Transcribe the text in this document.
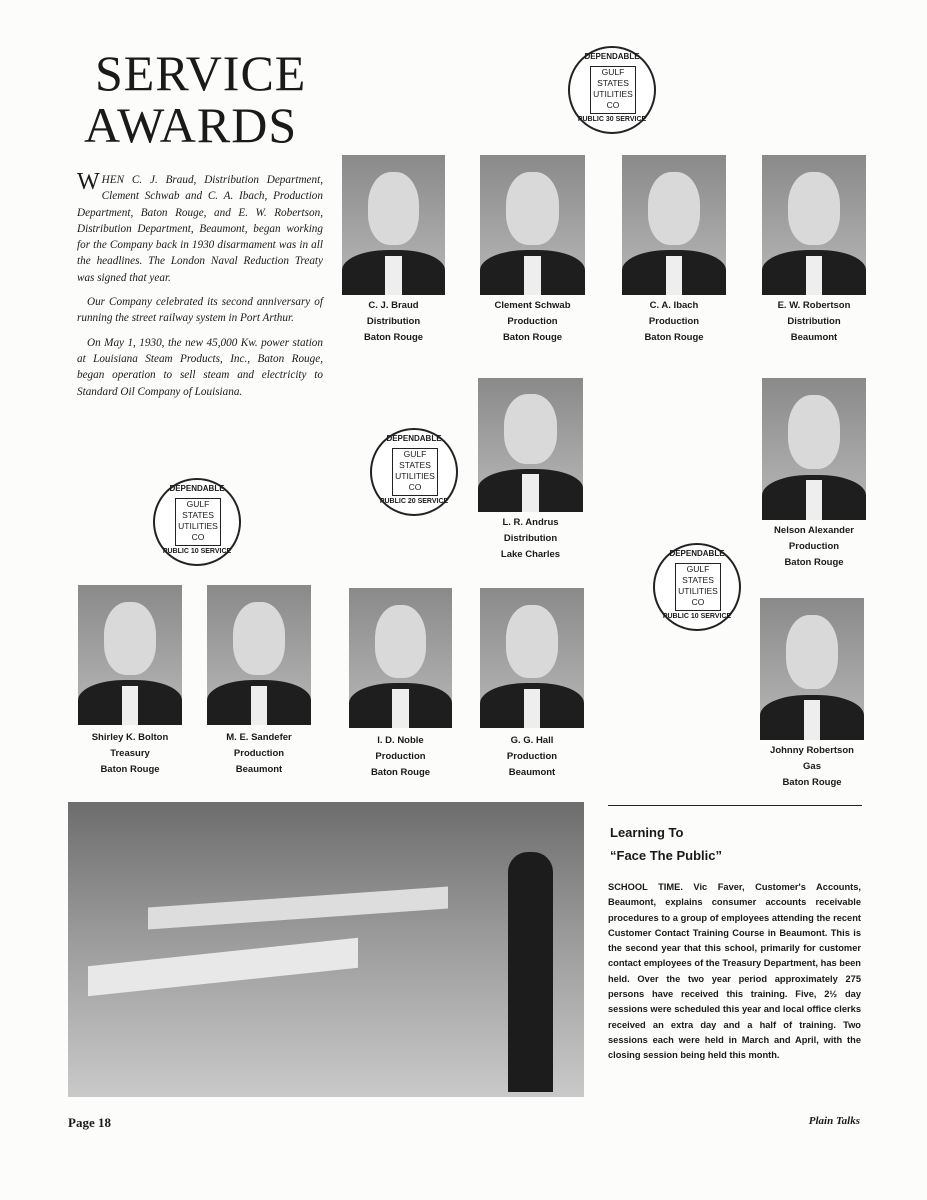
SERVICE
AWARDS

WHEN C. J. Braud, Distribution Department, Clement Schwab and C. A. Ibach, Production Department, Baton Rouge, and E. W. Robertson, Distribution Department, Beaumont, began working for the Company back in 1930 disarmament was in all the headlines. The London Naval Reduction Treaty was signed that year.

Our Company celebrated its second anniversary of running the street railway system in Port Arthur.

On May 1, 1930, the new 45,000 Kw. power station at Louisiana Steam Products, Inc., Baton Rouge, began operation to sell steam and electricity to Standard Oil Company of Louisiana.

DEPENDABLE
GULF STATES UTILITIES CO
PUBLIC 30 SERVICE
DEPENDABLE
GULF STATES UTILITIES CO
PUBLIC 20 SERVICE
DEPENDABLE
GULF STATES UTILITIES CO
PUBLIC 10 SERVICE	DEPENDABLE
GULF STATES UTILITIES CO
PUBLIC 10 SERVICE
C. J. Braud
Distribution
Baton Rouge
Clement Schwab
Production
Baton Rouge
C. A. Ibach
Production
Baton Rouge
E. W. Robertson
Distribution
Beaumont
L. R. Andrus
Distribution
Lake Charles
Nelson Alexander
Production
Baton Rouge
Shirley K. Bolton
Treasury
Baton Rouge
M. E. Sandefer
Production
Beaumont
I. D. Noble
Production
Baton Rouge
G. G. Hall
Production
Beaumont
Johnny Robertson
Gas
Baton Rouge
Learning To
“Face The Public”
SCHOOL TIME. Vic Faver, Customer's Accounts, Beaumont, explains consumer accounts receivable procedures to a group of employees attending the recent Customer Contact Training Course in Beaumont. This is the second year that this school, primarily for customer contact employees of the Treasury Department, has been held. Over the two year period approximately 275 persons have received this training. Five, 2½ day sessions were scheduled this year and local office clerks received an extra day and a half of training. Two sessions each were held in March and April, with the closing session being held this month.
Page 18	Plain Talks
